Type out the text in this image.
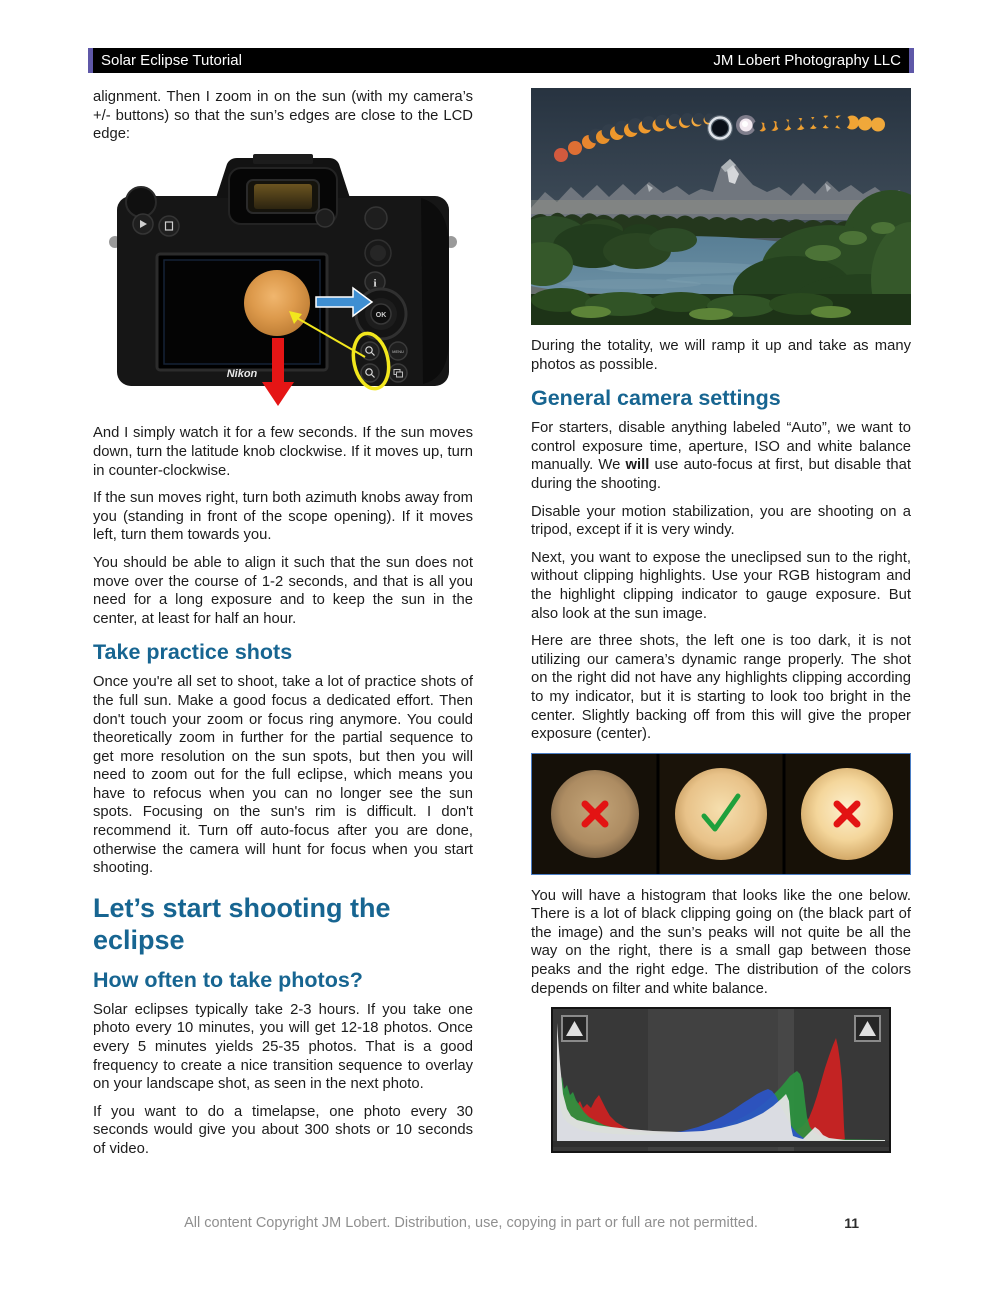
Solar Eclipse Tutorial	JM Lobert Photography LLC

alignment. Then I zoom in on the sun (with my camera’s +/- buttons) so that the sun’s edges are close to the LCD edge:

Nikon
i
OK
MENU

And I simply watch it for a few seconds. If the sun moves down, turn the latitude knob clockwise. If it moves up, turn in counter-clockwise.

If the sun moves right, turn both azimuth knobs away from you (standing in front of the scope opening). If it moves left, turn them towards you.

You should be able to align it such that the sun does not move over the course of 1-2 seconds, and that is all you need for a long exposure and to keep the sun in the center, at least for half an hour.

Take practice shots

Once you're all set to shoot, take a lot of practice shots of the full sun. Make a good focus a dedicated effort. Then don't touch your zoom or focus ring anymore. You could theoretically zoom in further for the partial sequence to get more resolution on the sun spots, but then you will need to zoom out for the full eclipse, which means you have to refocus when you can no longer see the sun spots. Focusing on the sun's rim is difficult. I don't recommend it. Turn off auto-focus after you are done, otherwise the camera will hunt for focus when you start shooting.

Let’s start shooting the eclipse
How often to take photos?

Solar eclipses typically take 2-3 hours. If you take one photo every 10 minutes, you will get 12-18 photos. Once every 5 minutes yields 25-35 photos. That is a good frequency to create a nice transition sequence to overlay on your landscape shot, as seen in the next photo.

If you want to do a timelapse, one photo every 30 seconds would give you about 300 shots or 10 seconds of video.

During the totality, we will ramp it up and take as many photos as possible.

General camera settings

For starters, disable anything labeled “Auto”, we want to control exposure time, aperture, ISO and white balance manually. We will use auto-focus at first, but disable that during the shooting.

Disable your motion stabilization, you are shooting on a tripod, except if it is very windy.

Next, you want to expose the uneclipsed sun to the right, without clipping highlights. Use your RGB histogram and the highlight clipping indicator to gauge exposure. But also look at the sun image.

Here are three shots, the left one is too dark, it is not utilizing our camera’s dynamic range properly. The shot on the right did not have any highlights clipping according to my indicator, but it is starting to look too bright in the center. Slightly backing off from this will give the proper exposure (center).

You will have a histogram that looks like the one below. There is a lot of black clipping going on (the black part of the image) and the sun’s peaks will not quite be all the way on the right, there is a small gap between those peaks and the right edge. The distribution of the colors depends on filter and white balance.

All content Copyright JM Lobert. Distribution, use, copying in part or full are not permitted.	11
